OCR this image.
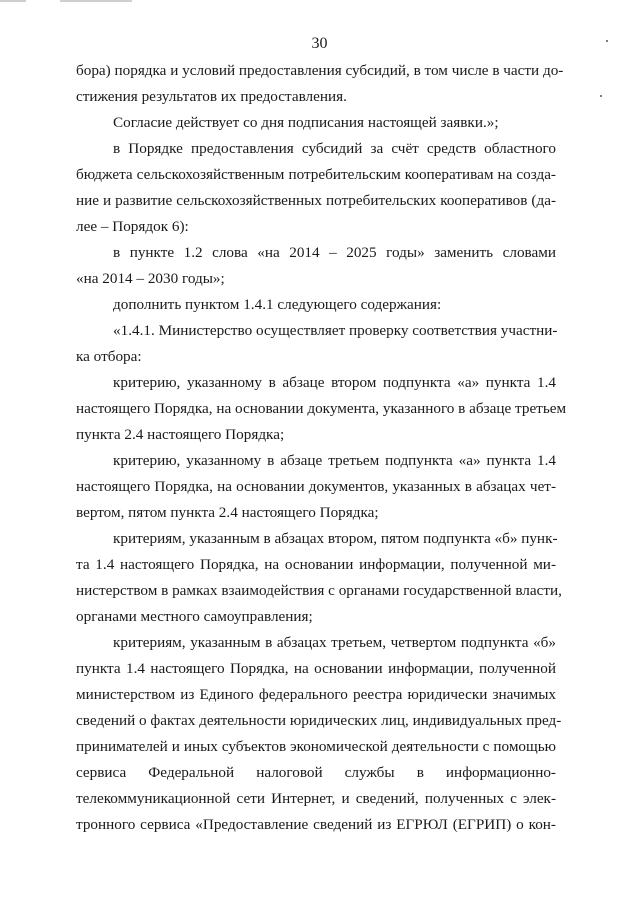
30

бора) порядка и условий предоставления субсидий, в том числе в части до-
стижения результатов их предоставления.

Согласие действует со дня подписания настоящей заявки.»;

в Порядке предоставления субсидий за счёт средств областного
бюджета сельскохозяйственным потребительским кооперативам на созда-
ние и развитие сельскохозяйственных потребительских кооперативов (да-
лее – Порядок 6):

в пункте 1.2 слова «на 2014 – 2025 годы» заменить словами
«на 2014 – 2030 годы»;

дополнить пунктом 1.4.1 следующего содержания:

«1.4.1. Министерство осуществляет проверку соответствия участни-
ка отбора:

критерию, указанному в абзаце втором подпункта «а» пункта 1.4
настоящего Порядка, на основании документа, указанного в абзаце третьем
пункта 2.4 настоящего Порядка;

критерию, указанному в абзаце третьем подпункта «а» пункта 1.4
настоящего Порядка, на основании документов, указанных в абзацах чет-
вертом, пятом пункта 2.4 настоящего Порядка;

критериям, указанным в абзацах втором, пятом подпункта «б» пунк-
та 1.4 настоящего Порядка, на основании информации, полученной ми-
нистерством в рамках взаимодействия с органами государственной власти,
органами местного самоуправления;

критериям, указанным в абзацах третьем, четвертом подпункта «б»
пункта 1.4 настоящего Порядка, на основании информации, полученной
министерством из Единого федерального реестра юридически значимых
сведений о фактах деятельности юридических лиц, индивидуальных пред-
принимателей и иных субъектов экономической деятельности с помощью
сервиса Федеральной налоговой службы в информационно-
телекоммуникационной сети Интернет, и сведений, полученных с элек-
тронного сервиса «Предоставление сведений из ЕГРЮЛ (ЕГРИП) о кон-
